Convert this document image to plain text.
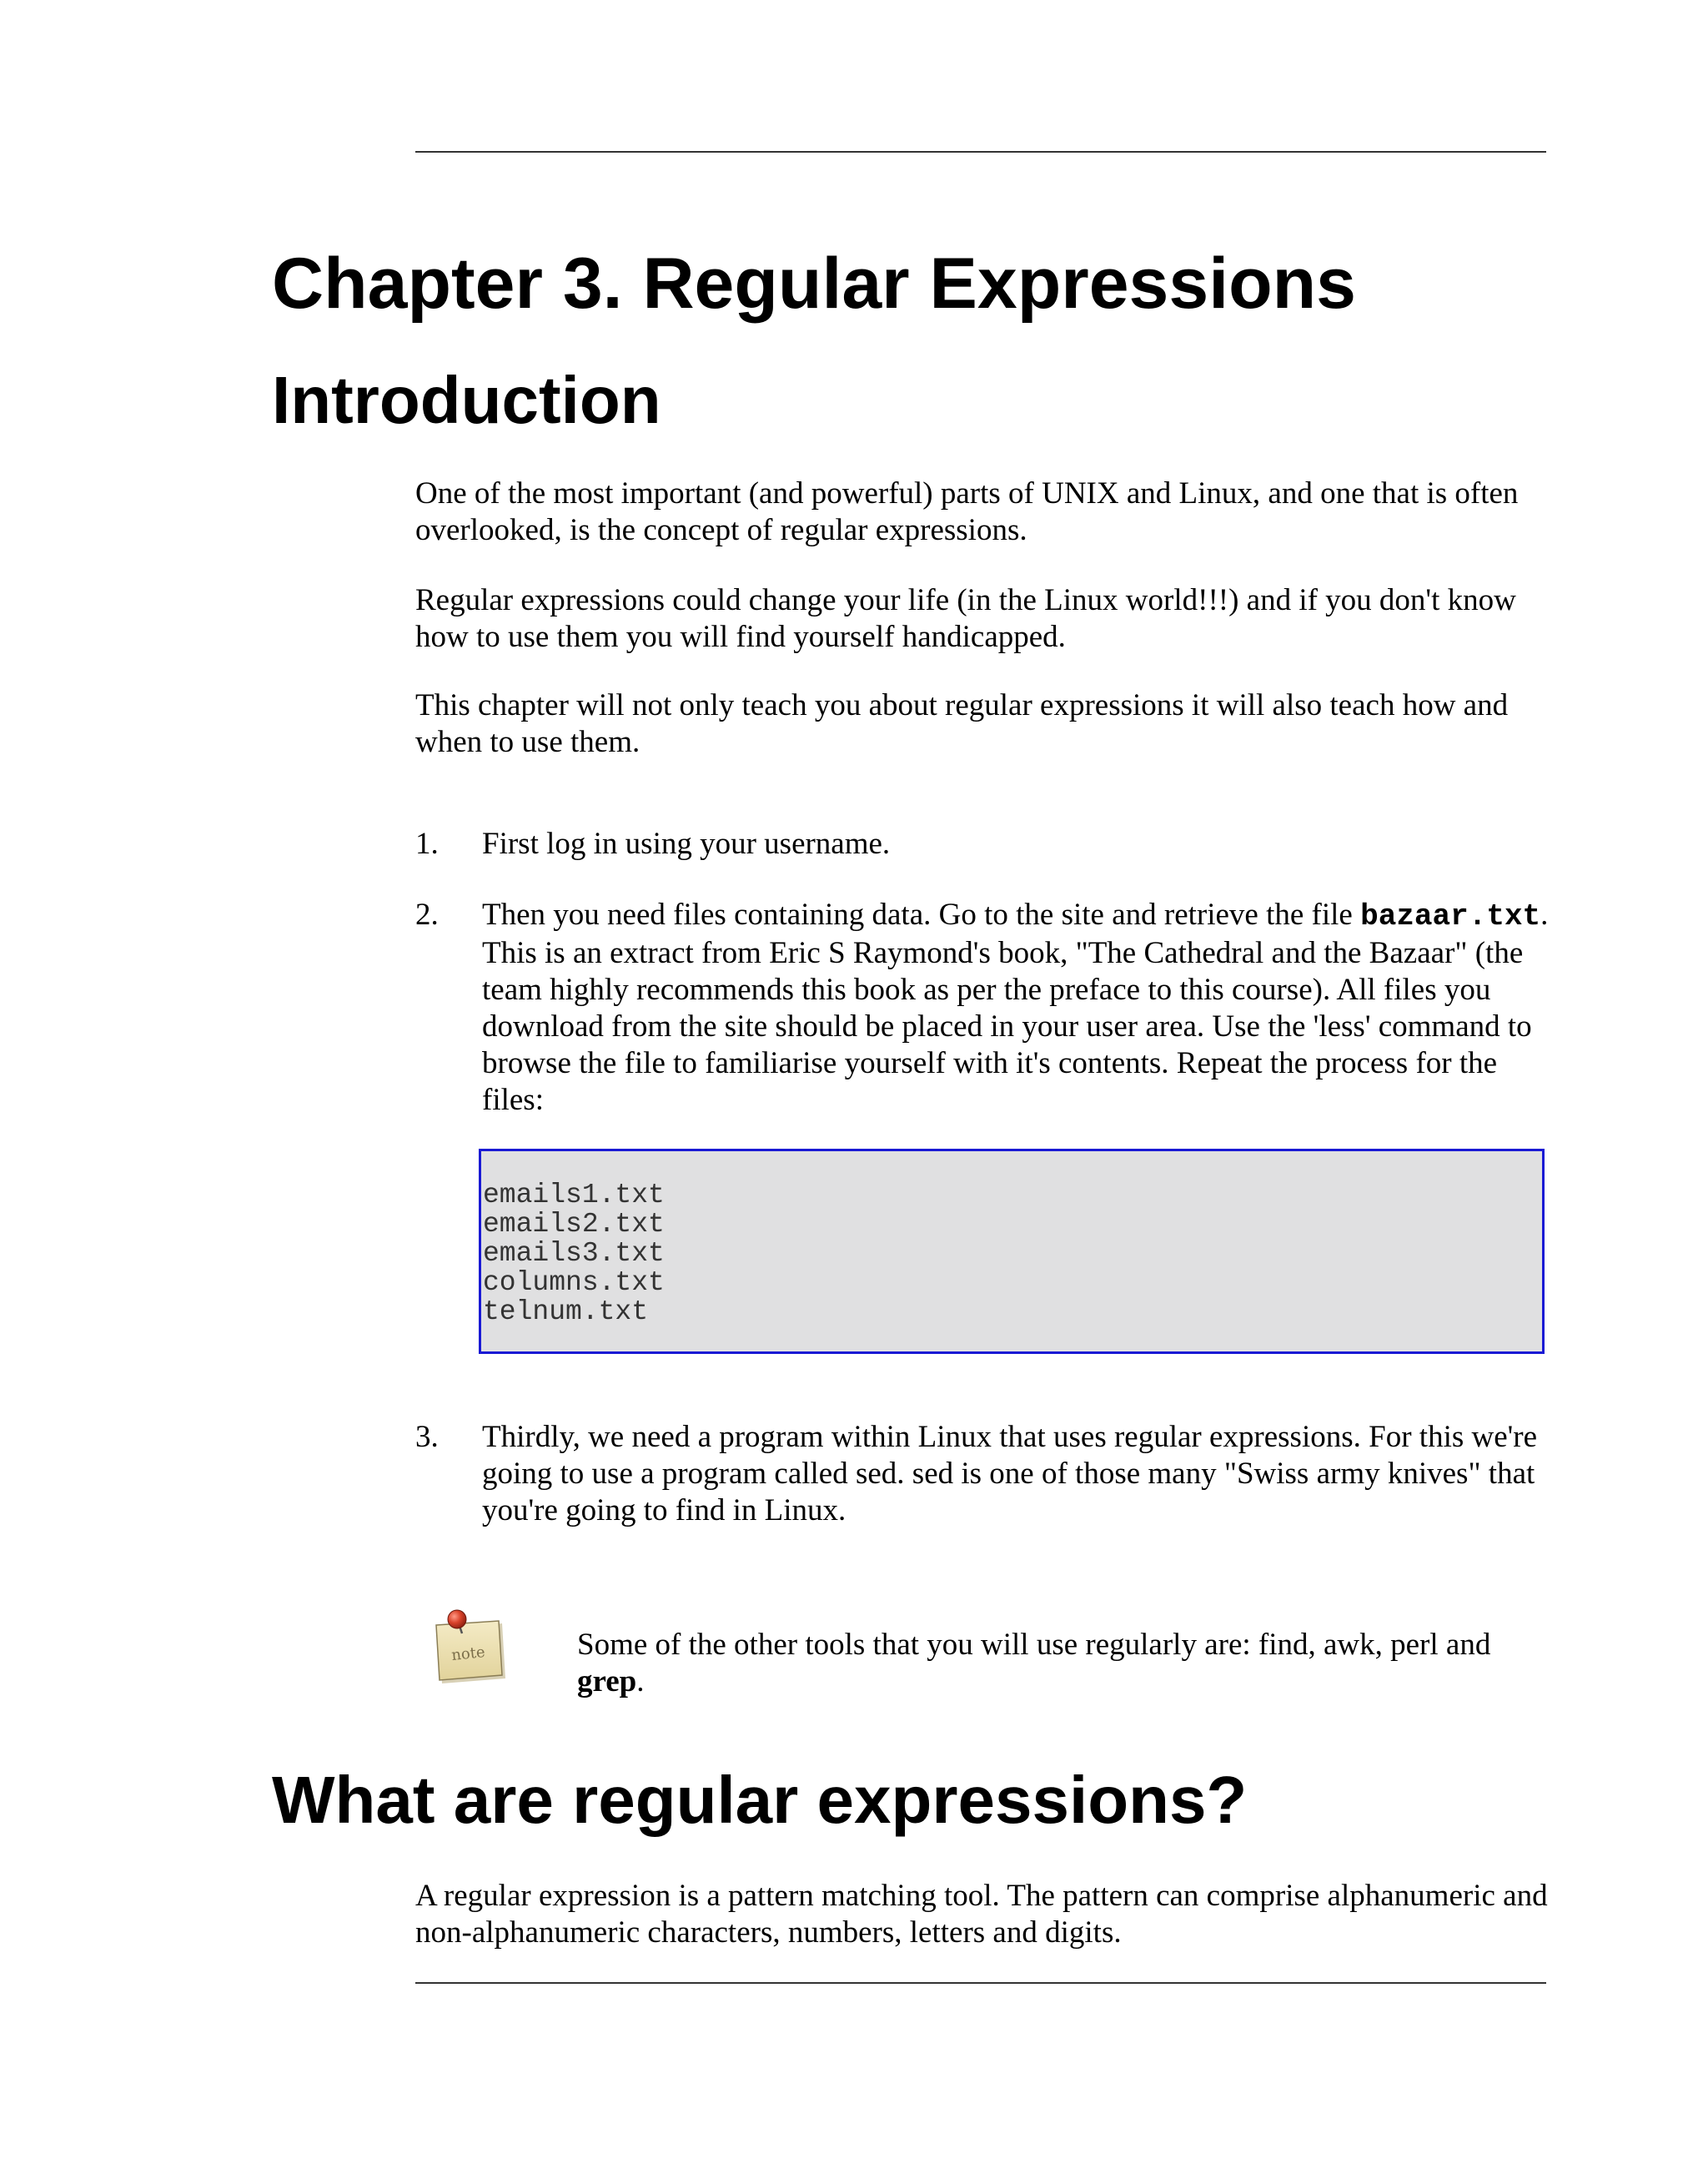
Chapter 3. Regular Expressions
Introduction

One of the most important (and powerful) parts of UNIX and Linux, and one that is often overlooked, is the concept of regular expressions.

Regular expressions could change your life (in the Linux world!!!) and if you don't know how to use them you will find yourself handicapped.

This chapter will not only teach you about regular expressions it will also teach how and when to use them.

1. First log in using your username.

2. Then you need files containing data. Go to the site and retrieve the file bazaar.txt. This is an extract from Eric S Raymond's book, "The Cathedral and the Bazaar" (the team highly recommends this book as per the preface to this course). All files you download from the site should be placed in your user area. Use the 'less' command to browse the file to familiarise yourself with it's contents. Repeat the process for the files:

emails1.txt
emails2.txt
emails3.txt
columns.txt
telnum.txt
3. Thirdly, we need a program within Linux that uses regular expressions. For this we're going to use a program called sed. sed is one of those many "Swiss army knives" that you're going to find in Linux.

note	Some of the other tools that you will use regularly are: find, awk, perl and grep.

What are regular expressions?

A regular expression is a pattern matching tool. The pattern can comprise alphanumeric and non-alphanumeric characters, numbers, letters and digits.
